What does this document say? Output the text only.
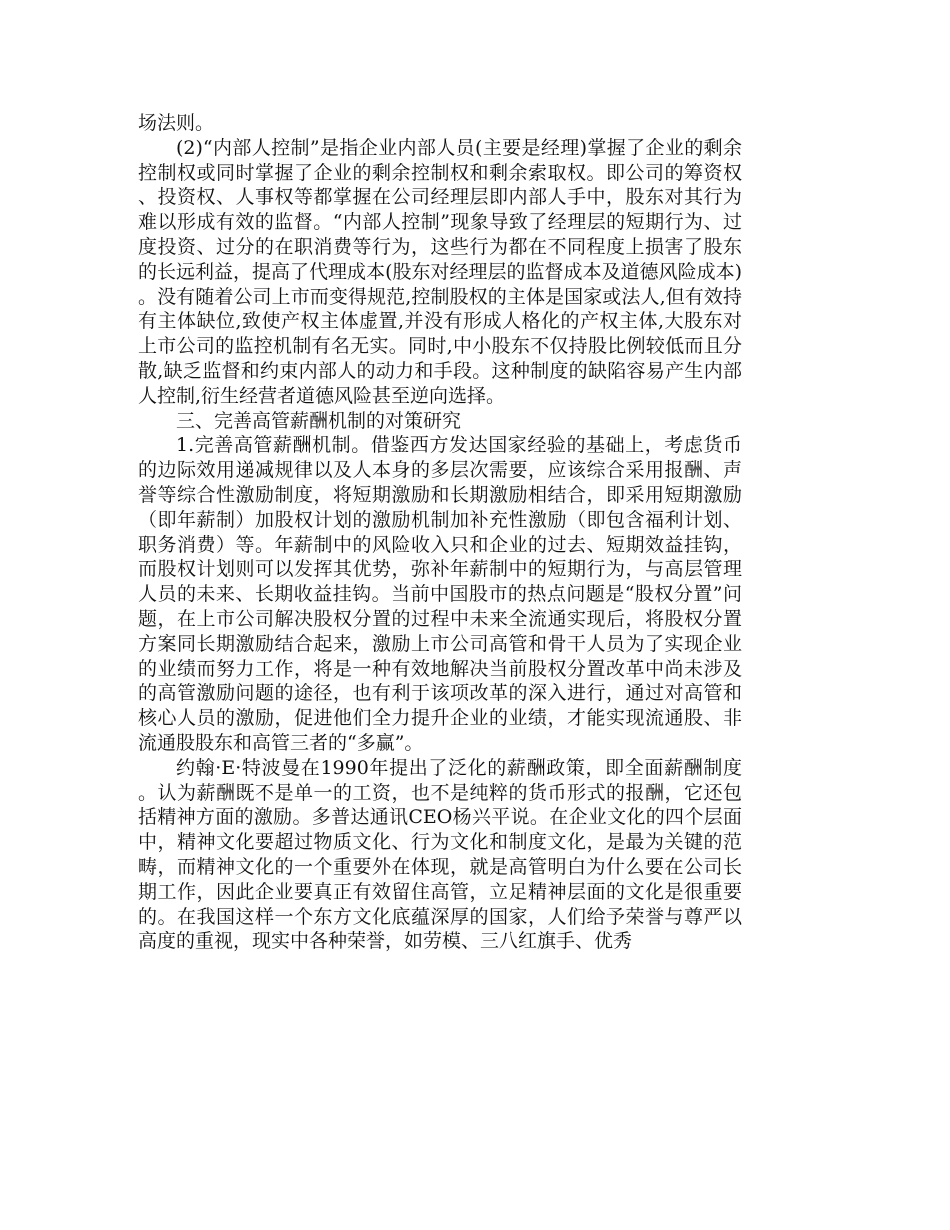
场法则。

(2)“内部人控制”是指企业内部人员(主要是经理)掌握了企业的剩余控制权或同时掌握了企业的剩余控制权和剩余索取权。即公司的筹资权、投资权、人事权等都掌握在公司经理层即内部人手中，股东对其行为难以形成有效的监督。“内部人控制”现象导致了经理层的短期行为、过度投资、过分的在职消费等行为，这些行为都在不同程度上损害了股东的长远利益，提高了代理成本(股东对经理层的监督成本及道德风险成本)。没有随着公司上市而变得规范,控制股权的主体是国家或法人,但有效持有主体缺位,致使产权主体虚置,并没有形成人格化的产权主体,大股东对上市公司的监控机制有名无实。同时,中小股东不仅持股比例较低而且分散,缺乏监督和约束内部人的动力和手段。这种制度的缺陷容易产生内部人控制,衍生经营者道德风险甚至逆向选择。

三、完善高管薪酬机制的对策研究

1.完善高管薪酬机制。借鉴西方发达国家经验的基础上，考虑货币的边际效用递减规律以及人本身的多层次需要，应该综合采用报酬、声誉等综合性激励制度，将短期激励和长期激励相结合，即采用短期激励（即年薪制）加股权计划的激励机制加补充性激励（即包含福利计划、职务消费）等。年薪制中的风险收入只和企业的过去、短期效益挂钩，而股权计划则可以发挥其优势，弥补年薪制中的短期行为，与高层管理人员的未来、长期收益挂钩。当前中国股市的热点问题是“股权分置”问题，在上市公司解决股权分置的过程中未来全流通实现后，将股权分置方案同长期激励结合起来，激励上市公司高管和骨干人员为了实现企业的业绩而努力工作，将是一种有效地解决当前股权分置改革中尚未涉及的高管激励问题的途径，也有利于该项改革的深入进行，通过对高管和核心人员的激励，促进他们全力提升企业的业绩，才能实现流通股、非流通股股东和高管三者的“多赢”。

约翰·E·特波曼在1990年提出了泛化的薪酬政策，即全面薪酬制度。认为薪酬既不是单一的工资，也不是纯粹的货币形式的报酬，它还包括精神方面的激励。多普达通讯CEO杨兴平说。在企业文化的四个层面中，精神文化要超过物质文化、行为文化和制度文化，是最为关键的范畴，而精神文化的一个重要外在体现，就是高管明白为什么要在公司长期工作，因此企业要真正有效留住高管，立足精神层面的文化是很重要的。在我国这样一个东方文化底蕴深厚的国家，人们给予荣誉与尊严以高度的重视，现实中各种荣誉，如劳模、三八红旗手、优秀
